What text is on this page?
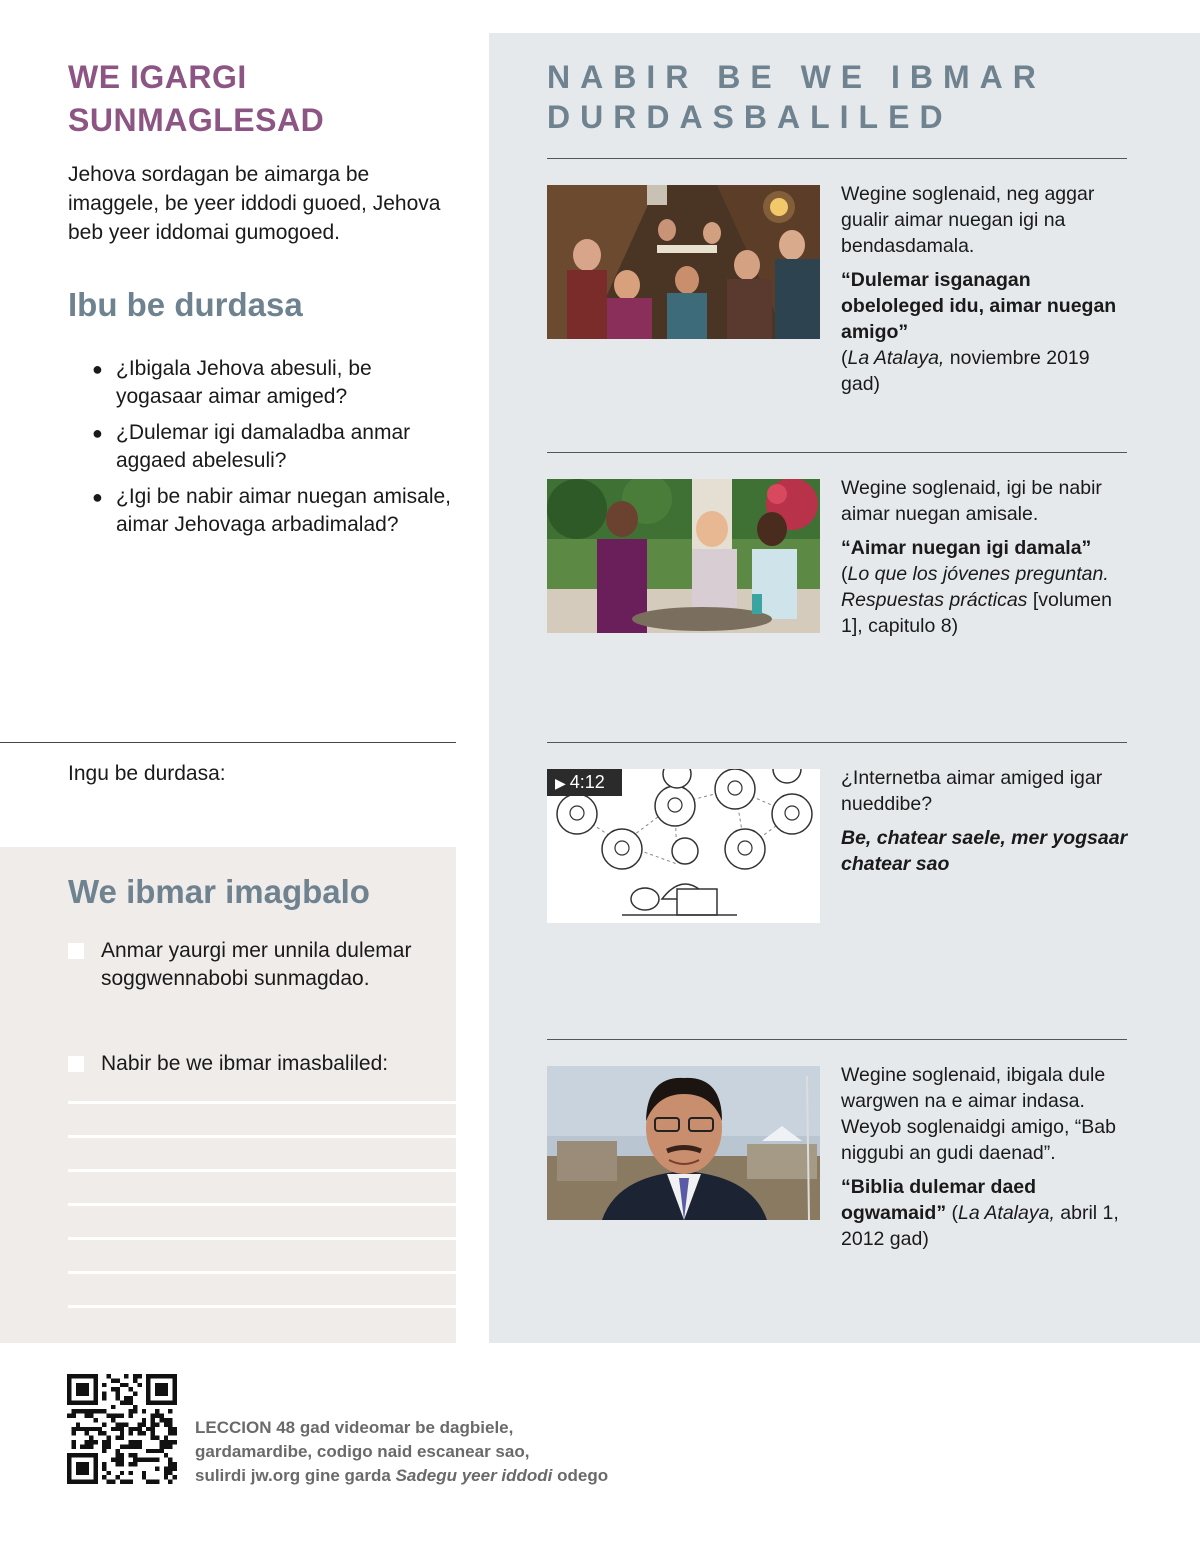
WE IGARGI
SUNMAGLESAD

Jehova sordagan be aimarga be imaggele, be yeer iddodi guoed, Jehova beb yeer iddomai gumogoed.

Ibu be durdasa
● ¿Ibigala Jehova abesuli, be yogasaar aimar amiged?
● ¿Dulemar igi damaladba anmar aggaed abelesuli?
● ¿Igi be nabir aimar nuegan amisale, aimar Jehovaga arbadimalad?
Ingu be durdasa:
We ibmar imagbalo
Anmar yaurgi mer unnila dulemar soggwennabobi sunmagdao.
Nabir be we ibmar imasbaliled:
NABIR BE WE IBMAR
DURDASBALILED

Wegine soglenaid, neg aggar gualir aimar nuegan igi na bendasdamala.

“Dulemar isganagan obeloleged idu, aimar nuegan amigo”
(La Atalaya, noviembre 2019 gad)

Wegine soglenaid, igi be nabir aimar nuegan amisale.

“Aimar nuegan igi damala”
(Lo que los jóvenes preguntan. Respuestas prácticas [volumen 1], capitulo 8)

▶ 4:12	¿Internetba aimar amiged igar nueddibe?

Be, chatear saele, mer yogsaar chatear sao

Wegine soglenaid, ibigala dule wargwen na e aimar indasa. Weyob soglenaidgi amigo, “Bab niggubi an gudi daenad”.

“Biblia dulemar daed ogwamaid” (La Atalaya, abril 1, 2012 gad)

LECCION 48 gad videomar be dagbiele,
gardamardibe, codigo naid escanear sao,
sulirdi jw.org gine garda Sadegu yeer iddodi odego
